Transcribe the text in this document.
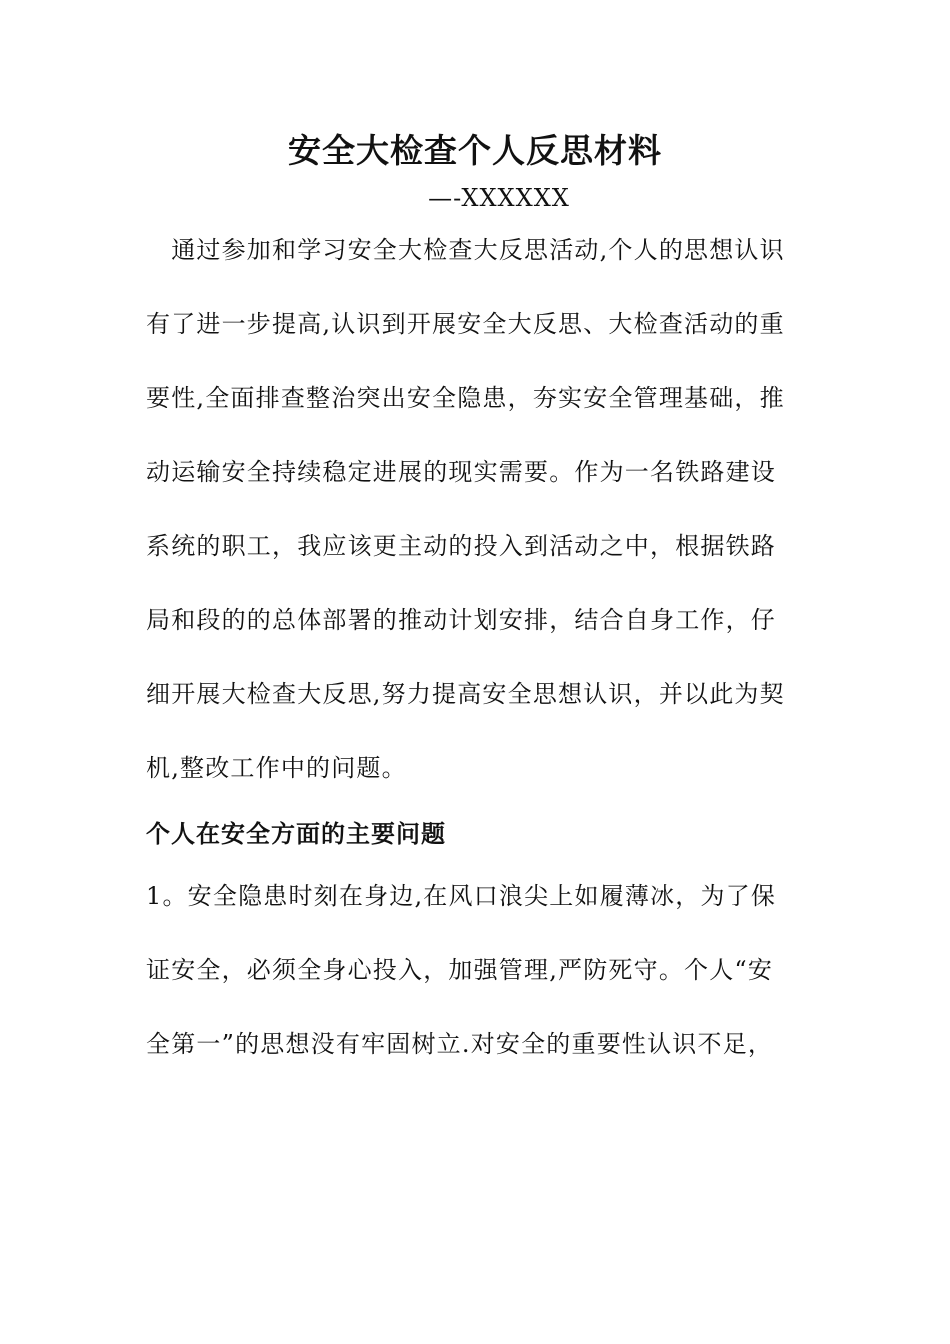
安全大检查个人反思材料
—-XXXXXX
　通过参加和学习安全大检查大反思活动,个人的思想认识
有了进一步提高,认识到开展安全大反思、大检查活动的重
要性,全面排查整治突出安全隐患，夯实安全管理基础，推
动运输安全持续稳定进展的现实需要。作为一名铁路建设
系统的职工，我应该更主动的投入到活动之中，根据铁路
局和段的的总体部署的推动计划安排，结合自身工作，仔
细开展大检查大反思,努力提高安全思想认识，并以此为契
机,整改工作中的问题。
个人在安全方面的主要问题
1。安全隐患时刻在身边,在风口浪尖上如履薄冰，为了保
证安全，必须全身心投入，加强管理,严防死守。个人“安
全第一”的思想没有牢固树立.对安全的重要性认识不足，
